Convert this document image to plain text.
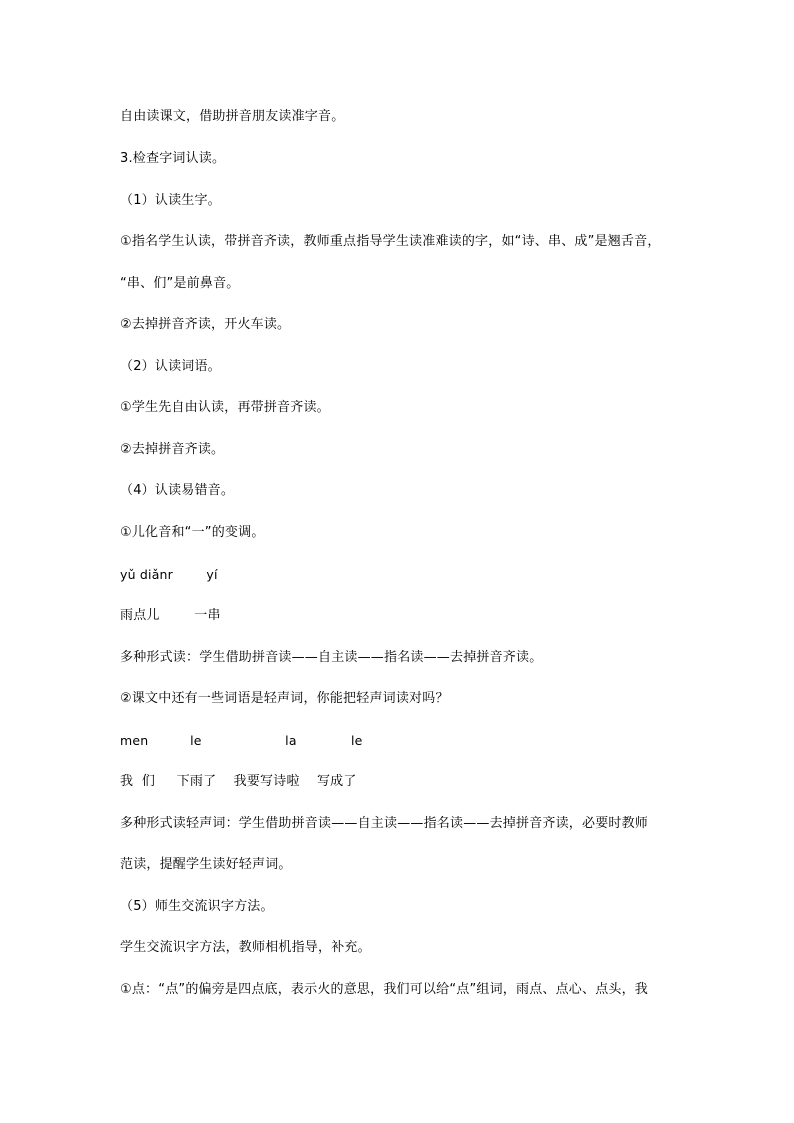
自由读课文，借助拼音朋友读准字音。
3.检查字词认读。
（1）认读生字。
①指名学生认读，带拼音齐读，教师重点指导学生读准难读的字，如“诗、串、成”是翘舌音，
“串、们”是前鼻音。
②去掉拼音齐读，开火车读。
（2）认读词语。
①学生先自由认读，再带拼音齐读。
②去掉拼音齐读。
（4）认读易错音。
①儿化音和“一”的变调。
yǔ diǎnr        yí
雨点儿        一串
多种形式读：学生借助拼音读——自主读——指名读——去掉拼音齐读。
②课文中还有一些词语是轻声词，你能把轻声词读对吗？
men          le                    la             le
我  们     下雨了    我要写诗啦    写成了
多种形式读轻声词：学生借助拼音读——自主读——指名读——去掉拼音齐读，必要时教师
范读，提醒学生读好轻声词。
（5）师生交流识字方法。
学生交流识字方法，教师相机指导，补充。
①点：“点”的偏旁是四点底，表示火的意思，我们可以给“点”组词，雨点、点心、点头，我
